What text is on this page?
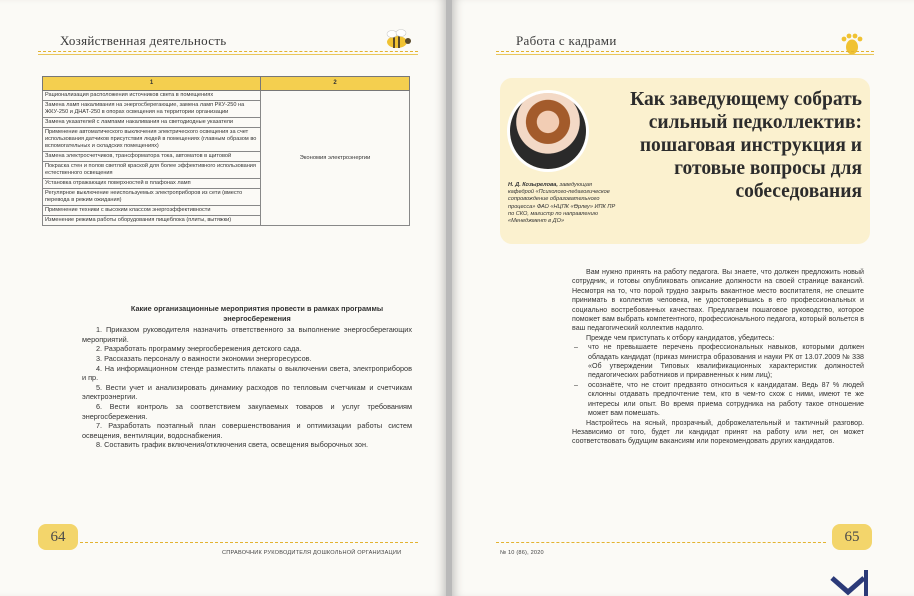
Хозяйственная деятельность
1	2
Рационализация расположения источников света в помещениях	Экономия электроэнергии
Замена ламп накаливания на энергосберегающие, замена ламп РКУ-250 на ЖКУ-250 и ДНАТ-250 в опорах освещения на территории организации	
Замена указателей с лампами накаливания на светодиодные указатели	
Применение автоматического выключения электрического освещения за счет использования датчиков присутствия людей в помещениях (главным образом во вспомогательных и складских помещениях)	
Замена электросчетчиков, трансформатора тока, автоматов в щитовой	
Покраска стен и полов светлой краской для более эффективного использования естественного освещения	
Установка отражающих поверхностей в плафонах ламп	
Регулярное выключение неиспользуемых электроприборов из сети (вместо перевода в режим ожидания)	
Применение техники с высоким классом энергоэффективности	
Изменение режима работы оборудования пищеблока (плиты, вытяжки)	
Какие организационные мероприятия провести в рамках программы энергосбережения

1. Приказом руководителя назначить ответственного за выполнение энергосберегающих мероприятий.

2. Разработать программу энергосбережения детского сада.

3. Рассказать персоналу о важности экономии энергоресурсов.

4. На информационном стенде разместить плакаты о выключении света, электроприборов и пр.

5. Вести учет и анализировать динамику расходов по тепловым счетчикам и счетчикам электроэнергии.

6. Вести контроль за соответствием закупаемых товаров и услуг требованиям энергосбережения.

7. Разработать поэтапный план совершенствования и оптимизации работы систем освещения, вентиляции, водоснабжения.

8. Составить график включения/отключения света, освещения выборочных зон.

64
СПРАВОЧНИК РУКОВОДИТЕЛЯ ДОШКОЛЬНОЙ ОРГАНИЗАЦИИ
Работа с кадрами
Как заведующему собрать сильный педколлектив: пошаговая инструкция и готовые вопросы для собеседования
Н. Д. Козырелова, заведующая кафедрой «Психолого-педагогическое сопровождение образовательного процесса» ФАО «НЦПК «Өрлеу» ИПК ПР по СКО, магистр по направлению «Менеджмент в ДО»

Вам нужно принять на работу педагога. Вы знаете, что должен предложить новый сотрудник, и готовы опубликовать описание должности на своей странице вакансий. Несмотря на то, что порой трудно закрыть вакантное место воспитателя, не спешите принимать в коллектив человека, не удостоверившись в его профессиональных и социально востребованных качествах. Предлагаем пошаговое руководство, которое поможет вам выбрать компетентного, профессионального педагога, который вольется в ваш педагогический коллектив надолго.

Прежде чем приступать к отбору кандидатов, убедитесь:

– что не превышаете перечень профессиональных навыков, которыми должен обладать кандидат (приказ министра образования и науки РК от 13.07.2009 № 338 «Об утверждении Типовых квалификационных характеристик должностей педагогических работников и приравненных к ним лиц);
– осознаёте, что не стоит предвзято относиться к кандидатам. Ведь 87 % людей склонны отдавать предпочтение тем, кто в чем-то схож с ними, имеют те же интересы или опыт. Во время приема сотрудника на работу такое отношение может вам помешать.

Настройтесь на ясный, прозрачный, доброжелательный и тактичный разговор. Независимо от того, будет ли кандидат принят на работу или нет, он может соответствовать будущим вакансиям или порекомендовать других кандидатов.

№ 10 (86), 2020
65
